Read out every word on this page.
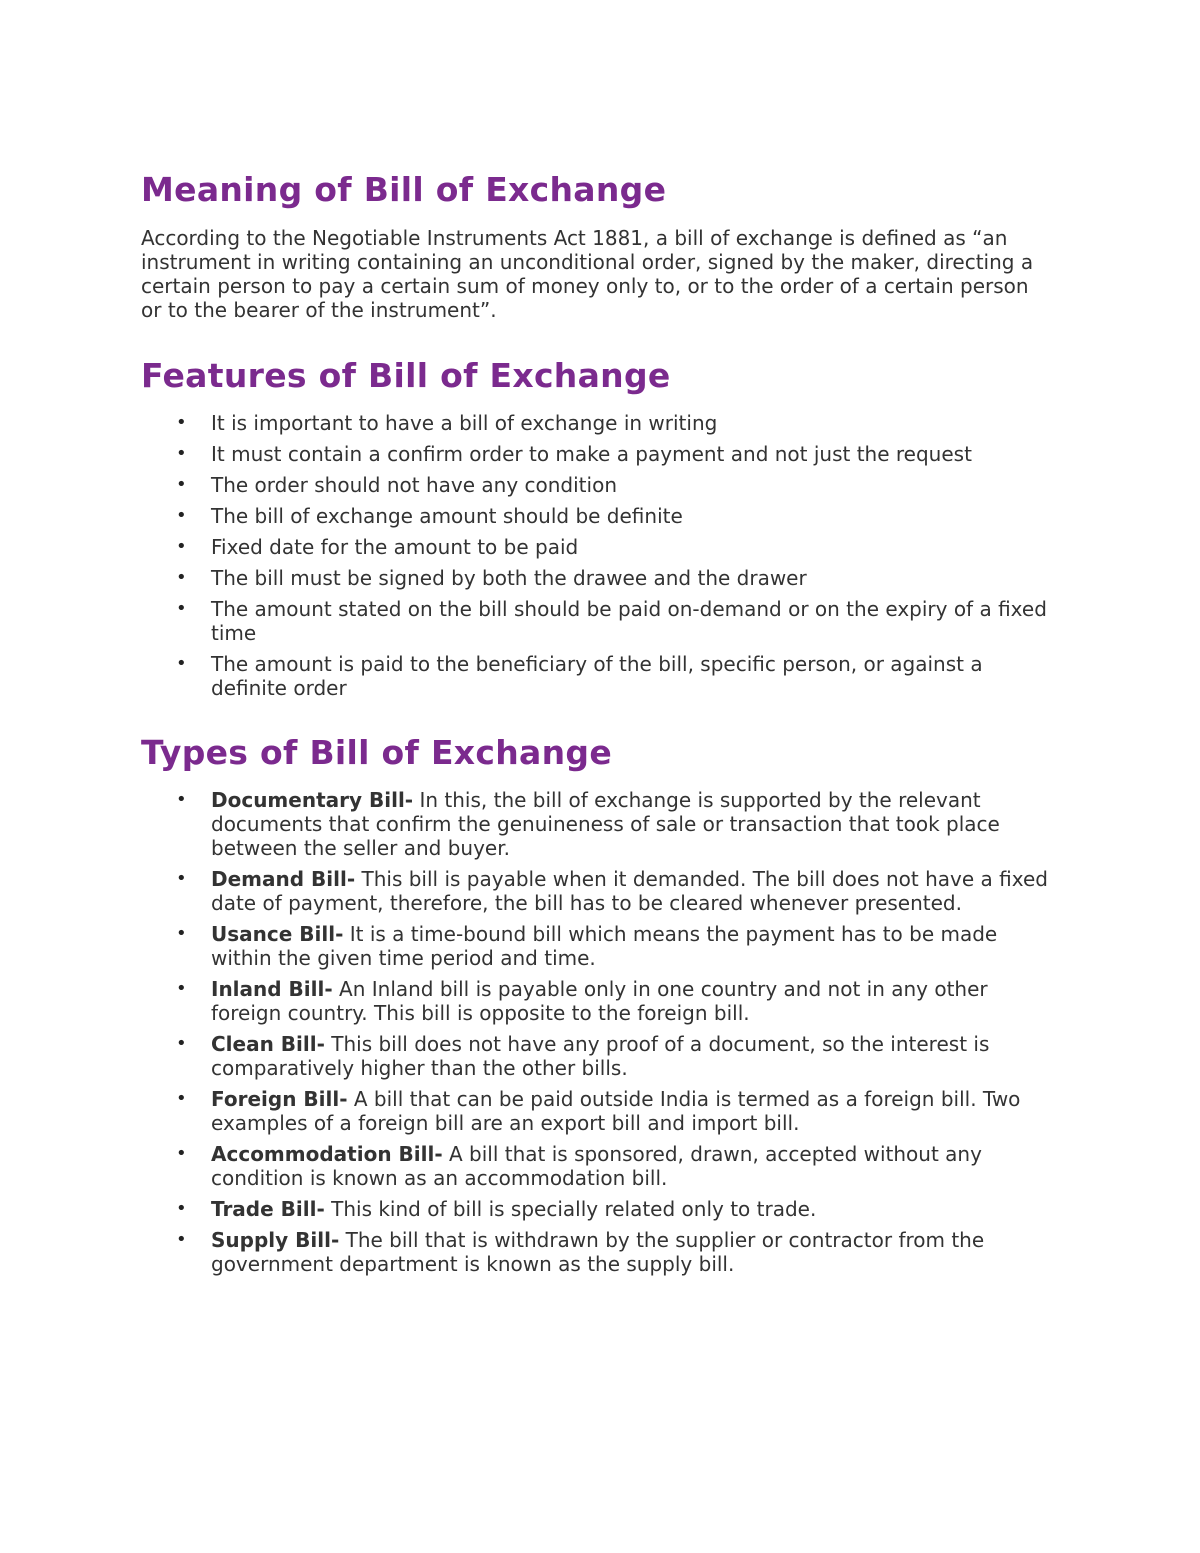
Meaning of Bill of Exchange

According to the Negotiable Instruments Act 1881, a bill of exchange is defined as “an instrument in writing containing an unconditional order, signed by the maker, directing a certain person to pay a certain sum of money only to, or to the order of a certain person or to the bearer of the instrument”.

Features of Bill of Exchange
• It is important to have a bill of exchange in writing
• It must contain a confirm order to make a payment and not just the request
• The order should not have any condition
• The bill of exchange amount should be definite
• Fixed date for the amount to be paid
• The bill must be signed by both the drawee and the drawer
• The amount stated on the bill should be paid on-demand or on the expiry of a fixed time
• The amount is paid to the beneficiary of the bill, specific person, or against a definite order
Types of Bill of Exchange
• Documentary Bill- In this, the bill of exchange is supported by the relevant documents that confirm the genuineness of sale or transaction that took place between the seller and buyer.
• Demand Bill- This bill is payable when it demanded. The bill does not have a fixed date of payment, therefore, the bill has to be cleared whenever presented.
• Usance Bill- It is a time-bound bill which means the payment has to be made within the given time period and time.
• Inland Bill- An Inland bill is payable only in one country and not in any other foreign country. This bill is opposite to the foreign bill.
• Clean Bill- This bill does not have any proof of a document, so the interest is comparatively higher than the other bills.
• Foreign Bill- A bill that can be paid outside India is termed as a foreign bill. Two examples of a foreign bill are an export bill and import bill.
• Accommodation Bill- A bill that is sponsored, drawn, accepted without any condition is known as an accommodation bill.
• Trade Bill- This kind of bill is specially related only to trade.
• Supply Bill- The bill that is withdrawn by the supplier or contractor from the government department is known as the supply bill.
